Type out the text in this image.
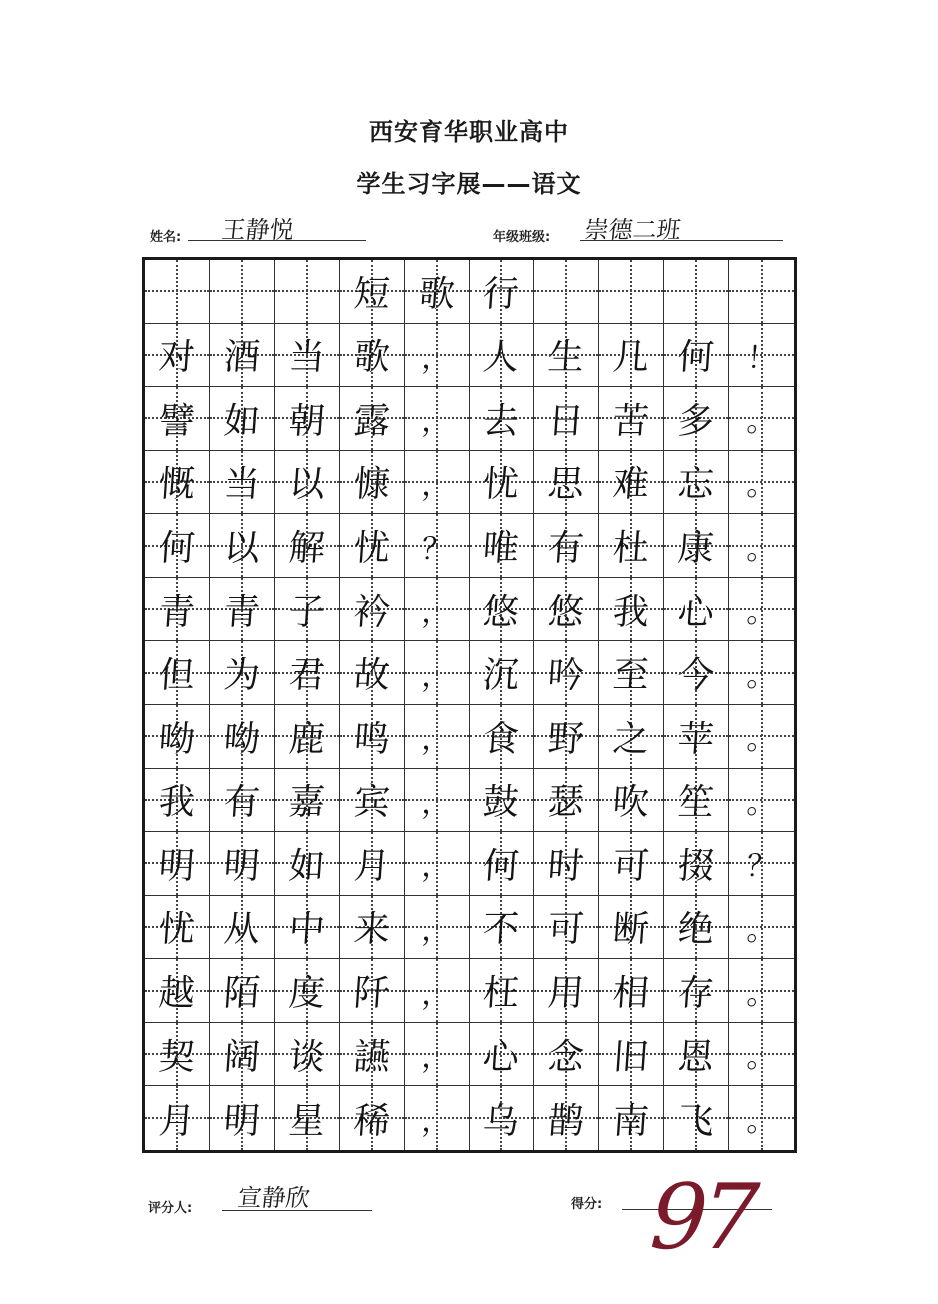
西安育华职业高中
学生习字展——语文
姓名: 王静悦	年级班级: 崇德二班
短 歌 行
对 酒 当 歌 ， 人 生 几 何 ！
譬 如 朝 露 ， 去 日 苦 多 。
慨 当 以 慷 ， 忧 思 难 忘 。
何 以 解 忧 ？ 唯 有 杜 康 。
青 青 子 衿 ， 悠 悠 我 心 。
但 为 君 故 ， 沉 吟 至 今 。
呦 呦 鹿 鸣 ， 食 野 之 苹 。
我 有 嘉 宾 ， 鼓 瑟 吹 笙 。
明 明 如 月 ， 何 时 可 掇 ？
忧 从 中 来 ， 不 可 断 绝 。
越 陌 度 阡 ， 枉 用 相 存 。
契 阔 谈 讌 ， 心 念 旧 恩 。
月 明 星 稀 ， 乌 鹊 南 飞 。
评分人: 宣静欣	得分: 97
